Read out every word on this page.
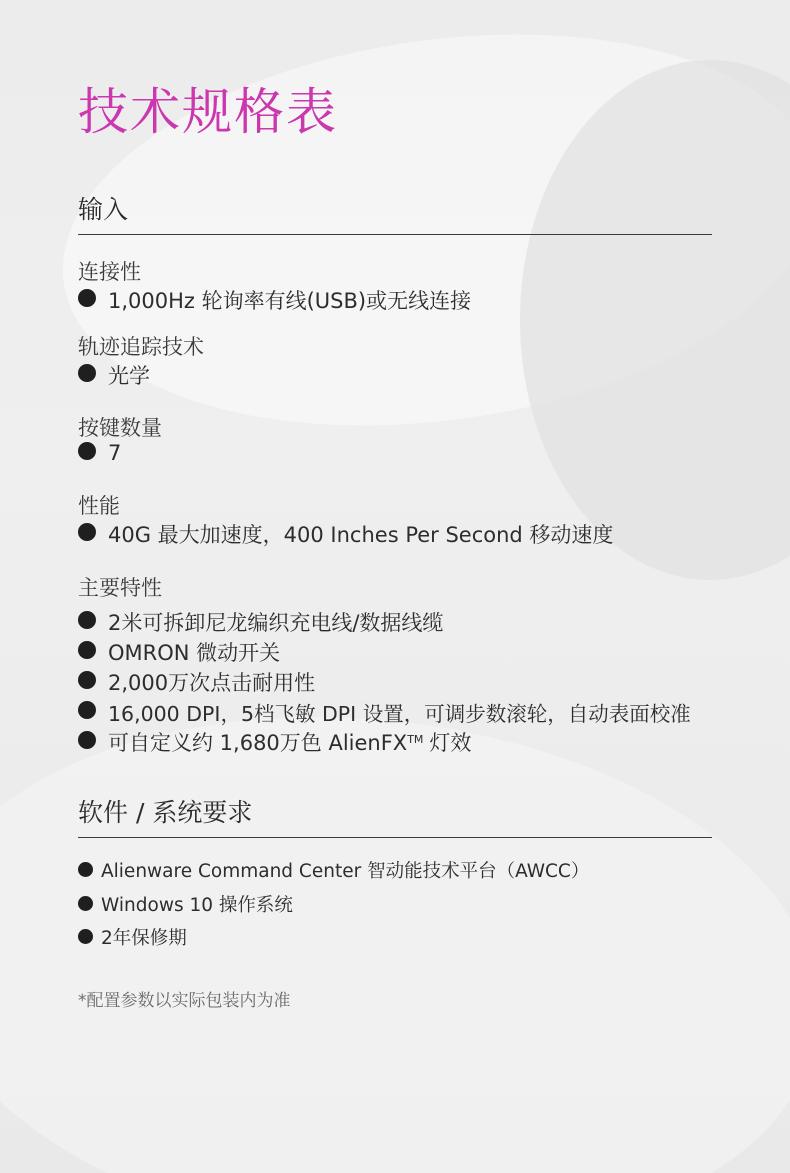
技术规格表
输入
连接性
1,000Hz 轮询率有线(USB)或无线连接
轨迹追踪技术
光学
按键数量
7
性能
40G 最大加速度，400 Inches Per Second 移动速度
主要特性
2米可拆卸尼龙编织充电线/数据线缆
OMRON 微动开关
2,000万次点击耐用性
16,000 DPI，5档飞敏 DPI 设置，可调步数滚轮，自动表面校准
可自定义约 1,680万色 AlienFX™ 灯效
软件 / 系统要求
Alienware Command Center 智动能技术平台（AWCC）
Windows 10 操作系统
2年保修期
*配置参数以实际包装内为准
